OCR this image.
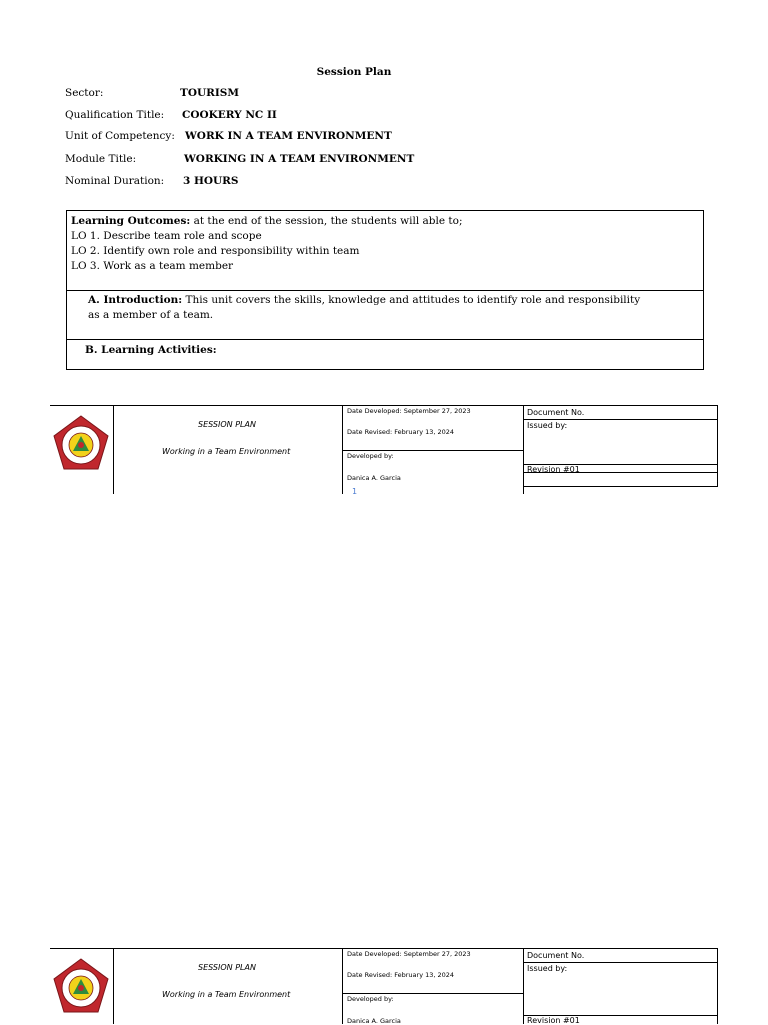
Session Plan
Sector:	TOURISM
Qualification Title: COOKERY NC II
Unit of Competency: WORK IN A TEAM ENVIRONMENT
Module Title:	WORKING IN A TEAM ENVIRONMENT
Nominal Duration: 3 HOURS
Learning Outcomes: at the end of the session, the students will able to;
LO 1. Describe team role and scope
LO 2. Identify own role and responsibility within team
LO 3. Work as a team member
A. Introduction: This unit covers the skills, knowledge and attitudes to identify role and responsibility
as a member of a team.
B. Learning Activities:
SESSION PLAN
Working in a Team Environment
Date Developed: September 27, 2023
Date Revised: February 13, 2024
Developed by:
Danica A. Garcia
1
Document No.
Issued by:
Revision #01
SESSION PLAN
Working in a Team Environment
Date Developed: September 27, 2023
Date Revised: February 13, 2024
Developed by:
Danica A. Garcia
Document No.
Issued by:
Revision #01
